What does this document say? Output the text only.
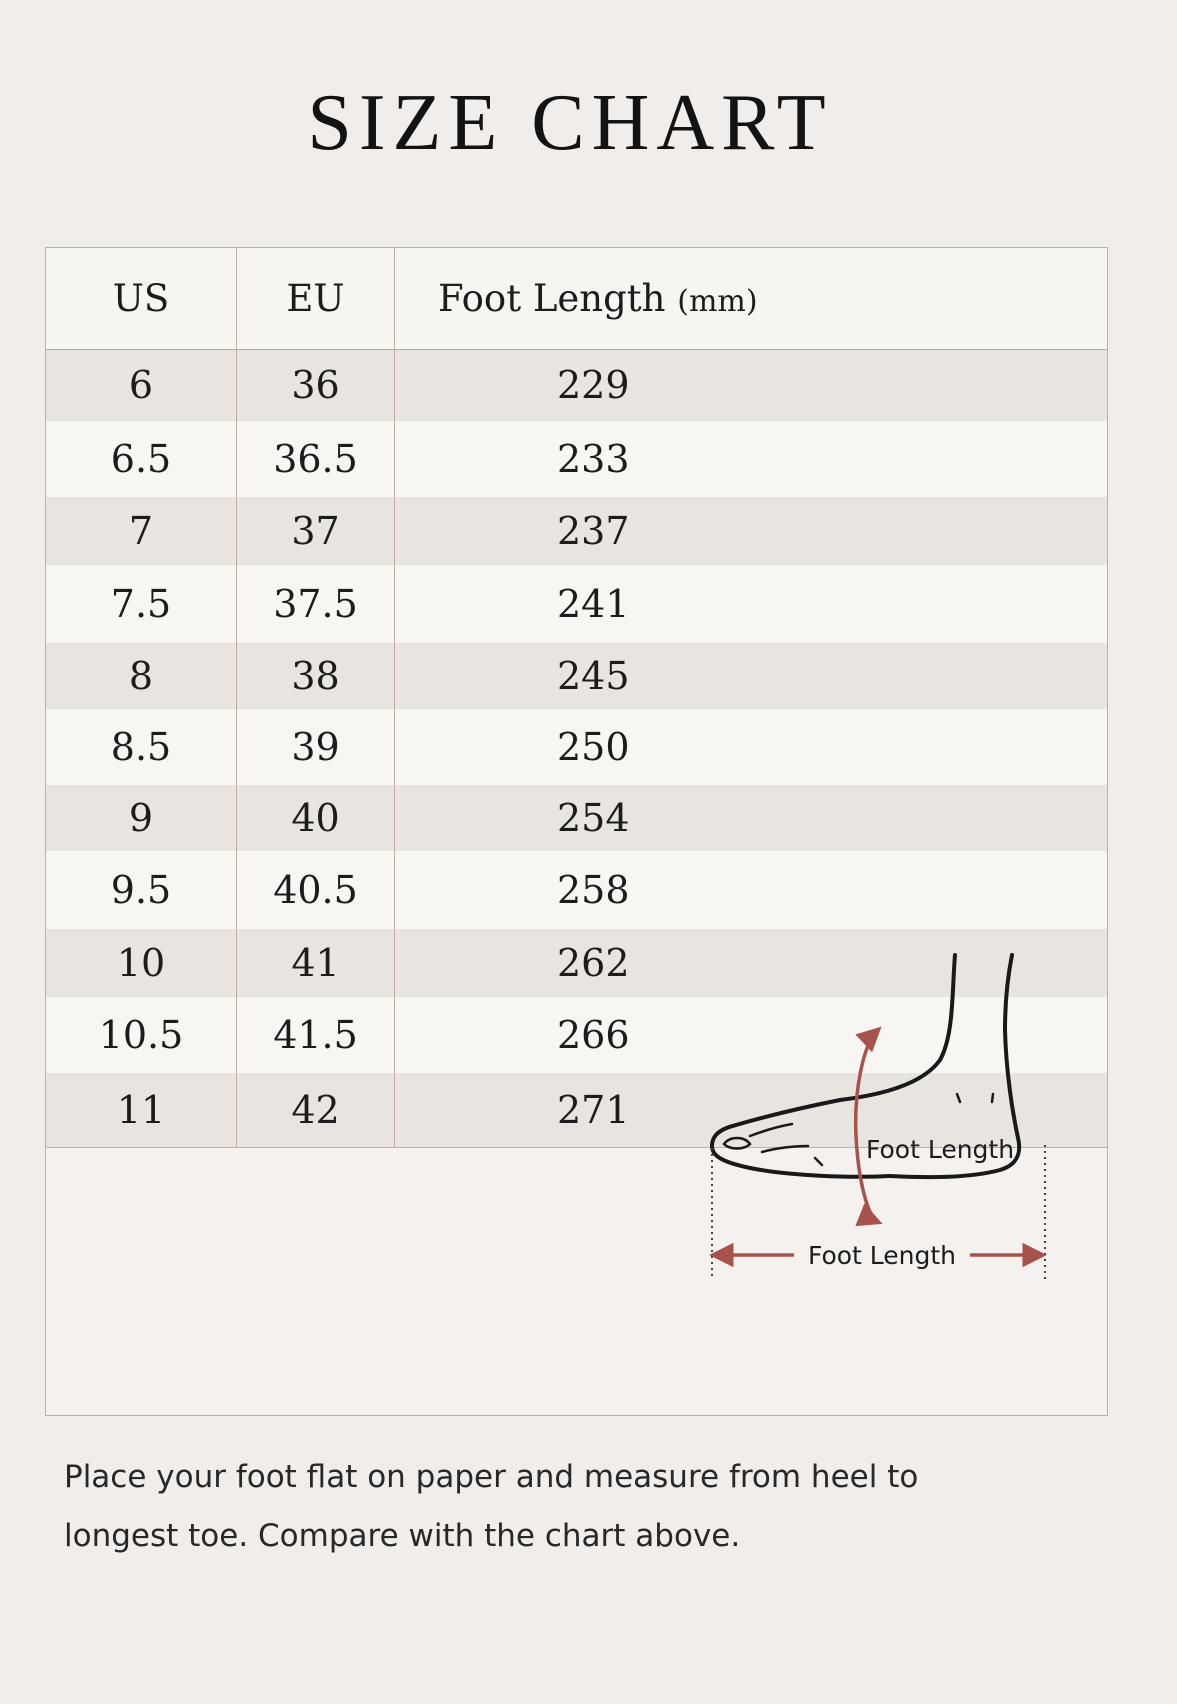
SIZE CHART
US	EU	Foot Length (mm)
6	36	229
6.5	36.5	233
7	37	237
7.5	37.5	241
8	38	245
8.5	39	250
9	40	254
9.5	40.5	258
10	41	262
10.5	41.5	266
11	42	271

Foot Length
Foot Length

Place your foot flat on paper and measure from heel to

longest toe. Compare with the chart above.
